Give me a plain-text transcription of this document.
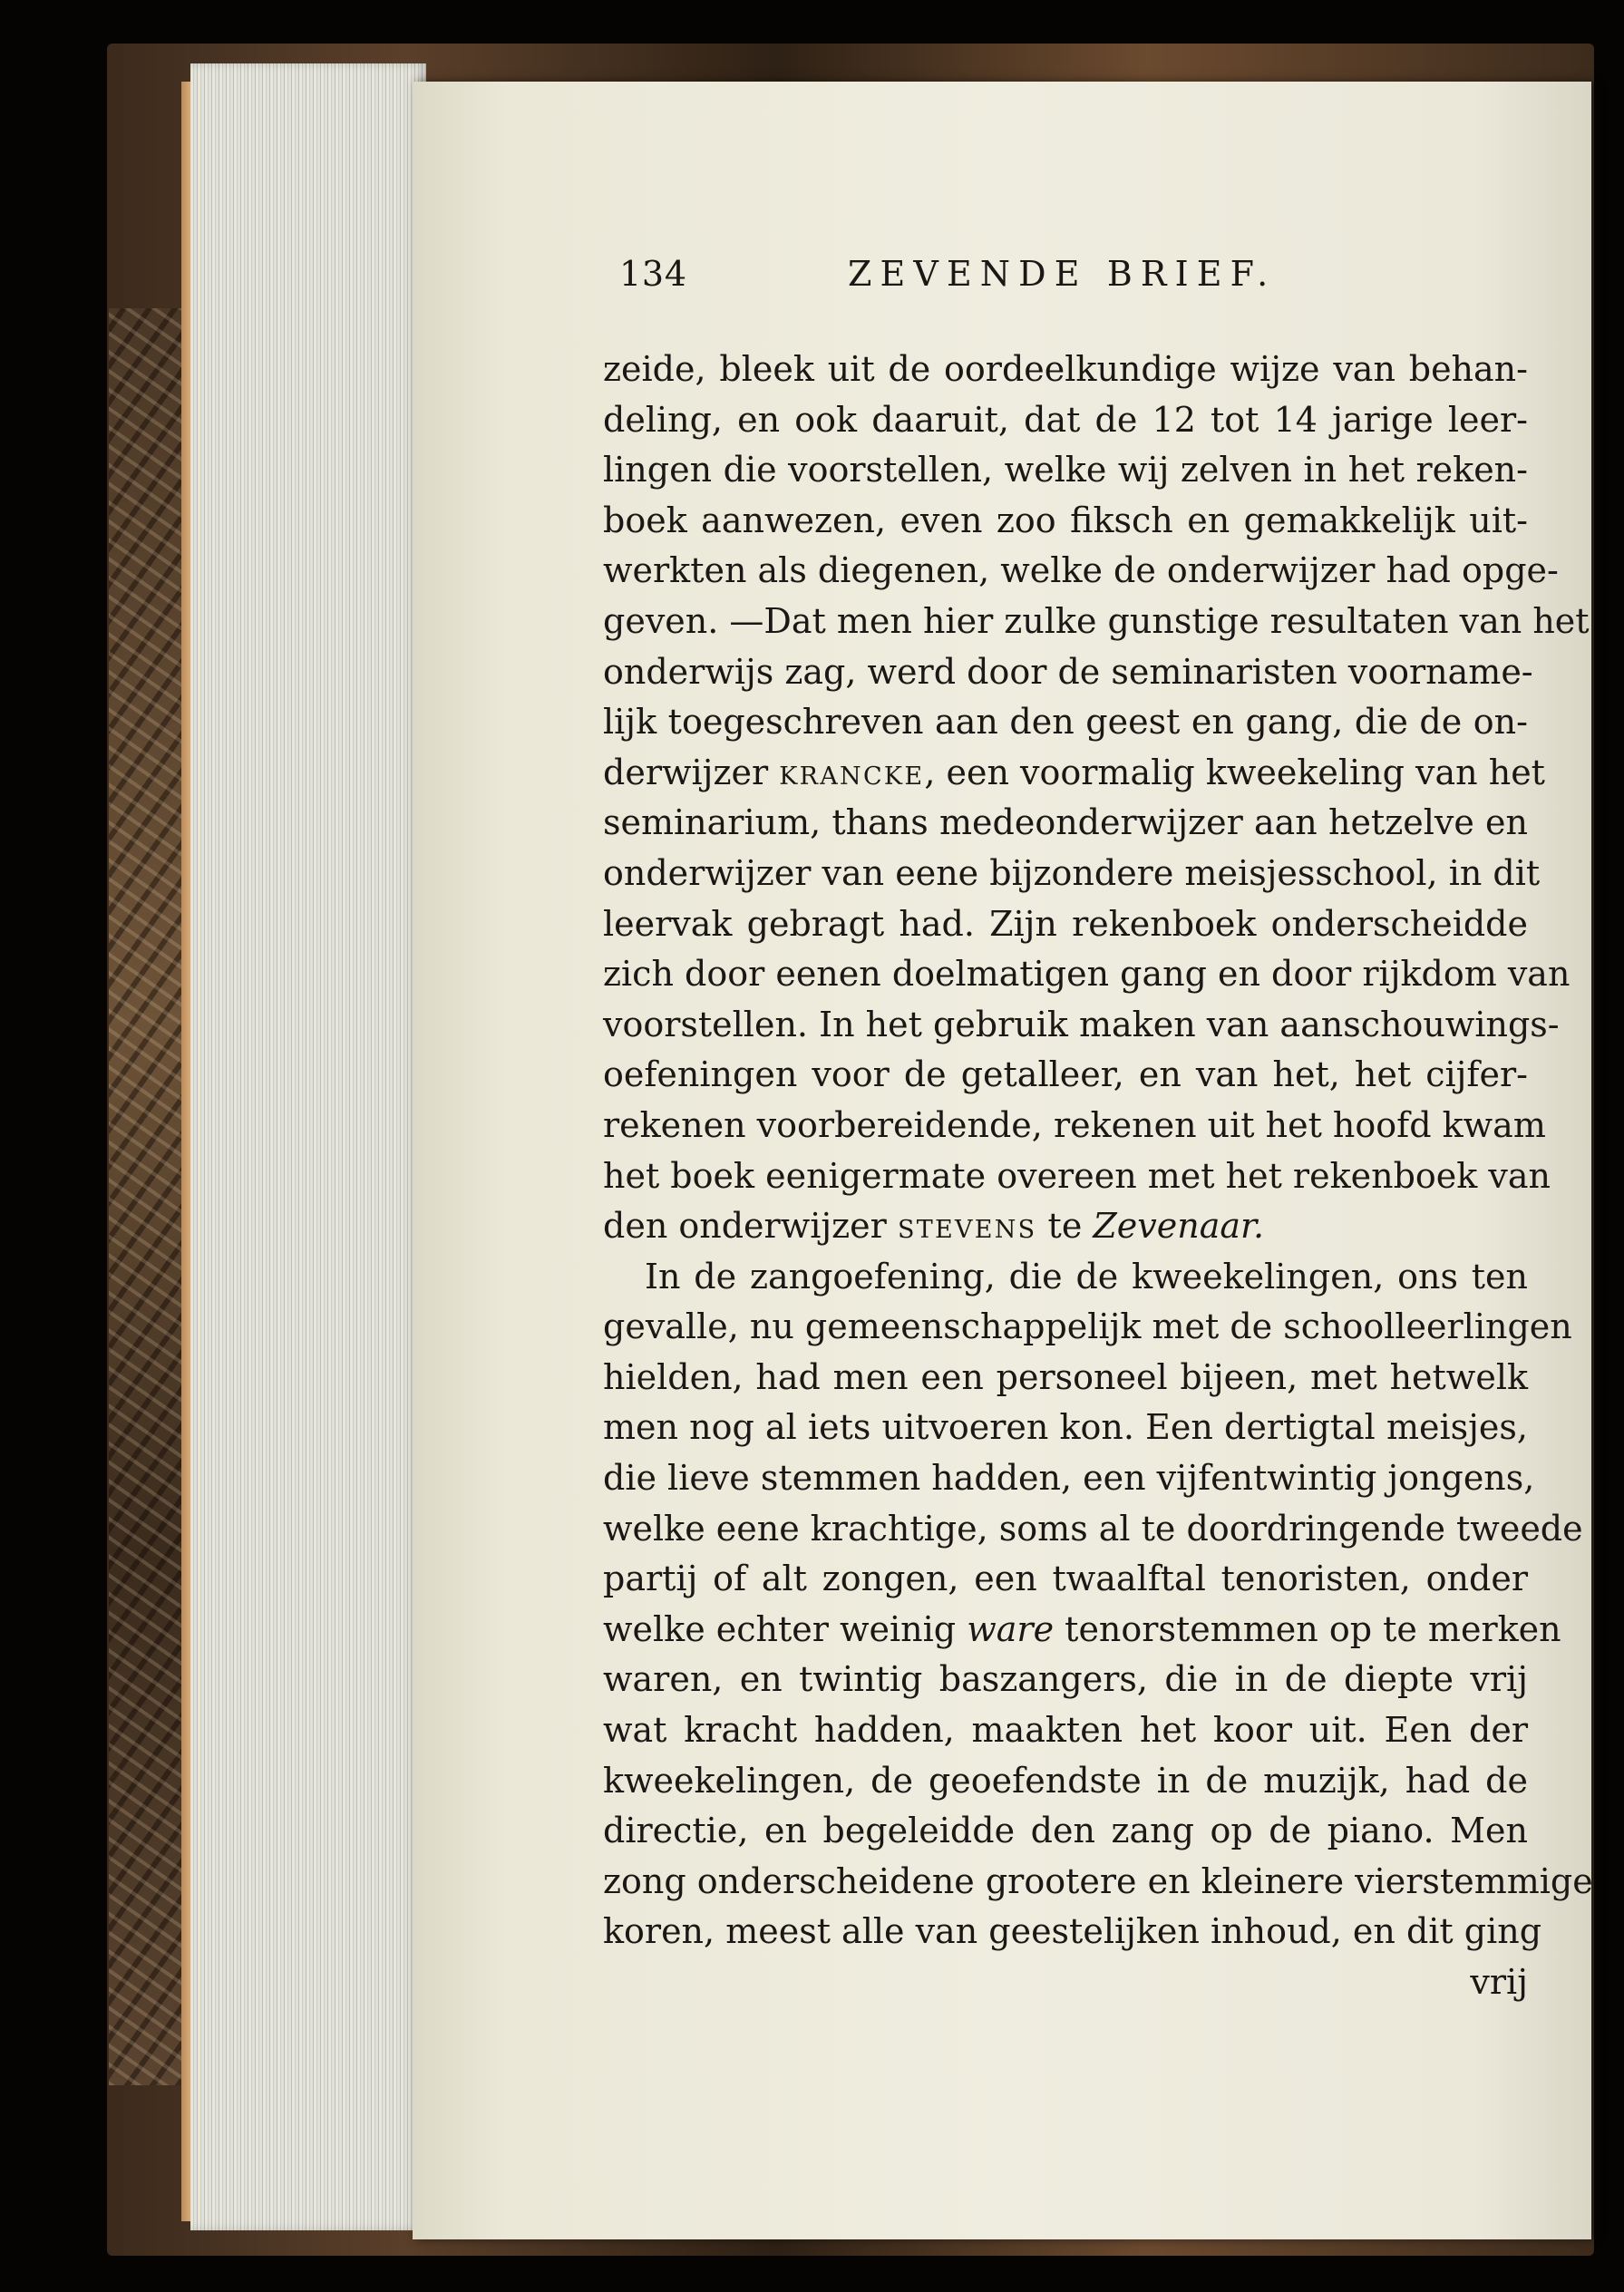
134	ZEVENDE BRIEF.
zeide, bleek uit de oordeelkundige wijze van behan-
deling, en ook daaruit, dat de 12 tot 14 jarige leer-
lingen die voorstellen, welke wij zelven in het reken-
boek aanwezen, even zoo fiksch en gemakkelijk uit-
werkten als diegenen, welke de onderwijzer had opge-
geven. —Dat men hier zulke gunstige resultaten van het
onderwijs zag, werd door de seminaristen voorname-
lijk toegeschreven aan den geest en gang, die de on-
derwijzer krancke, een voormalig kweekeling van het
seminarium, thans medeonderwijzer aan hetzelve en
onderwijzer van eene bijzondere meisjesschool, in dit
leervak gebragt had. Zijn rekenboek onderscheidde
zich door eenen doelmatigen gang en door rijkdom van
voorstellen. In het gebruik maken van aanschouwings-
oefeningen voor de getalleer, en van het, het cijfer-
rekenen voorbereidende, rekenen uit het hoofd kwam
het boek eenigermate overeen met het rekenboek van
den onderwijzer stevens te Zevenaar.
In de zangoefening, die de kweekelingen, ons ten
gevalle, nu gemeenschappelijk met de schoolleerlingen
hielden, had men een personeel bijeen, met hetwelk
men nog al iets uitvoeren kon. Een dertigtal meisjes,
die lieve stemmen hadden, een vijfentwintig jongens,
welke eene krachtige, soms al te doordringende tweede
partij of alt zongen, een twaalftal tenoristen, onder
welke echter weinig ware tenorstemmen op te merken
waren, en twintig baszangers, die in de diepte vrij
wat kracht hadden, maakten het koor uit. Een der
kweekelingen, de geoefendste in de muzijk, had de
directie, en begeleidde den zang op de piano. Men
zong onderscheidene grootere en kleinere vierstemmige
koren, meest alle van geestelijken inhoud, en dit ging
vrij
